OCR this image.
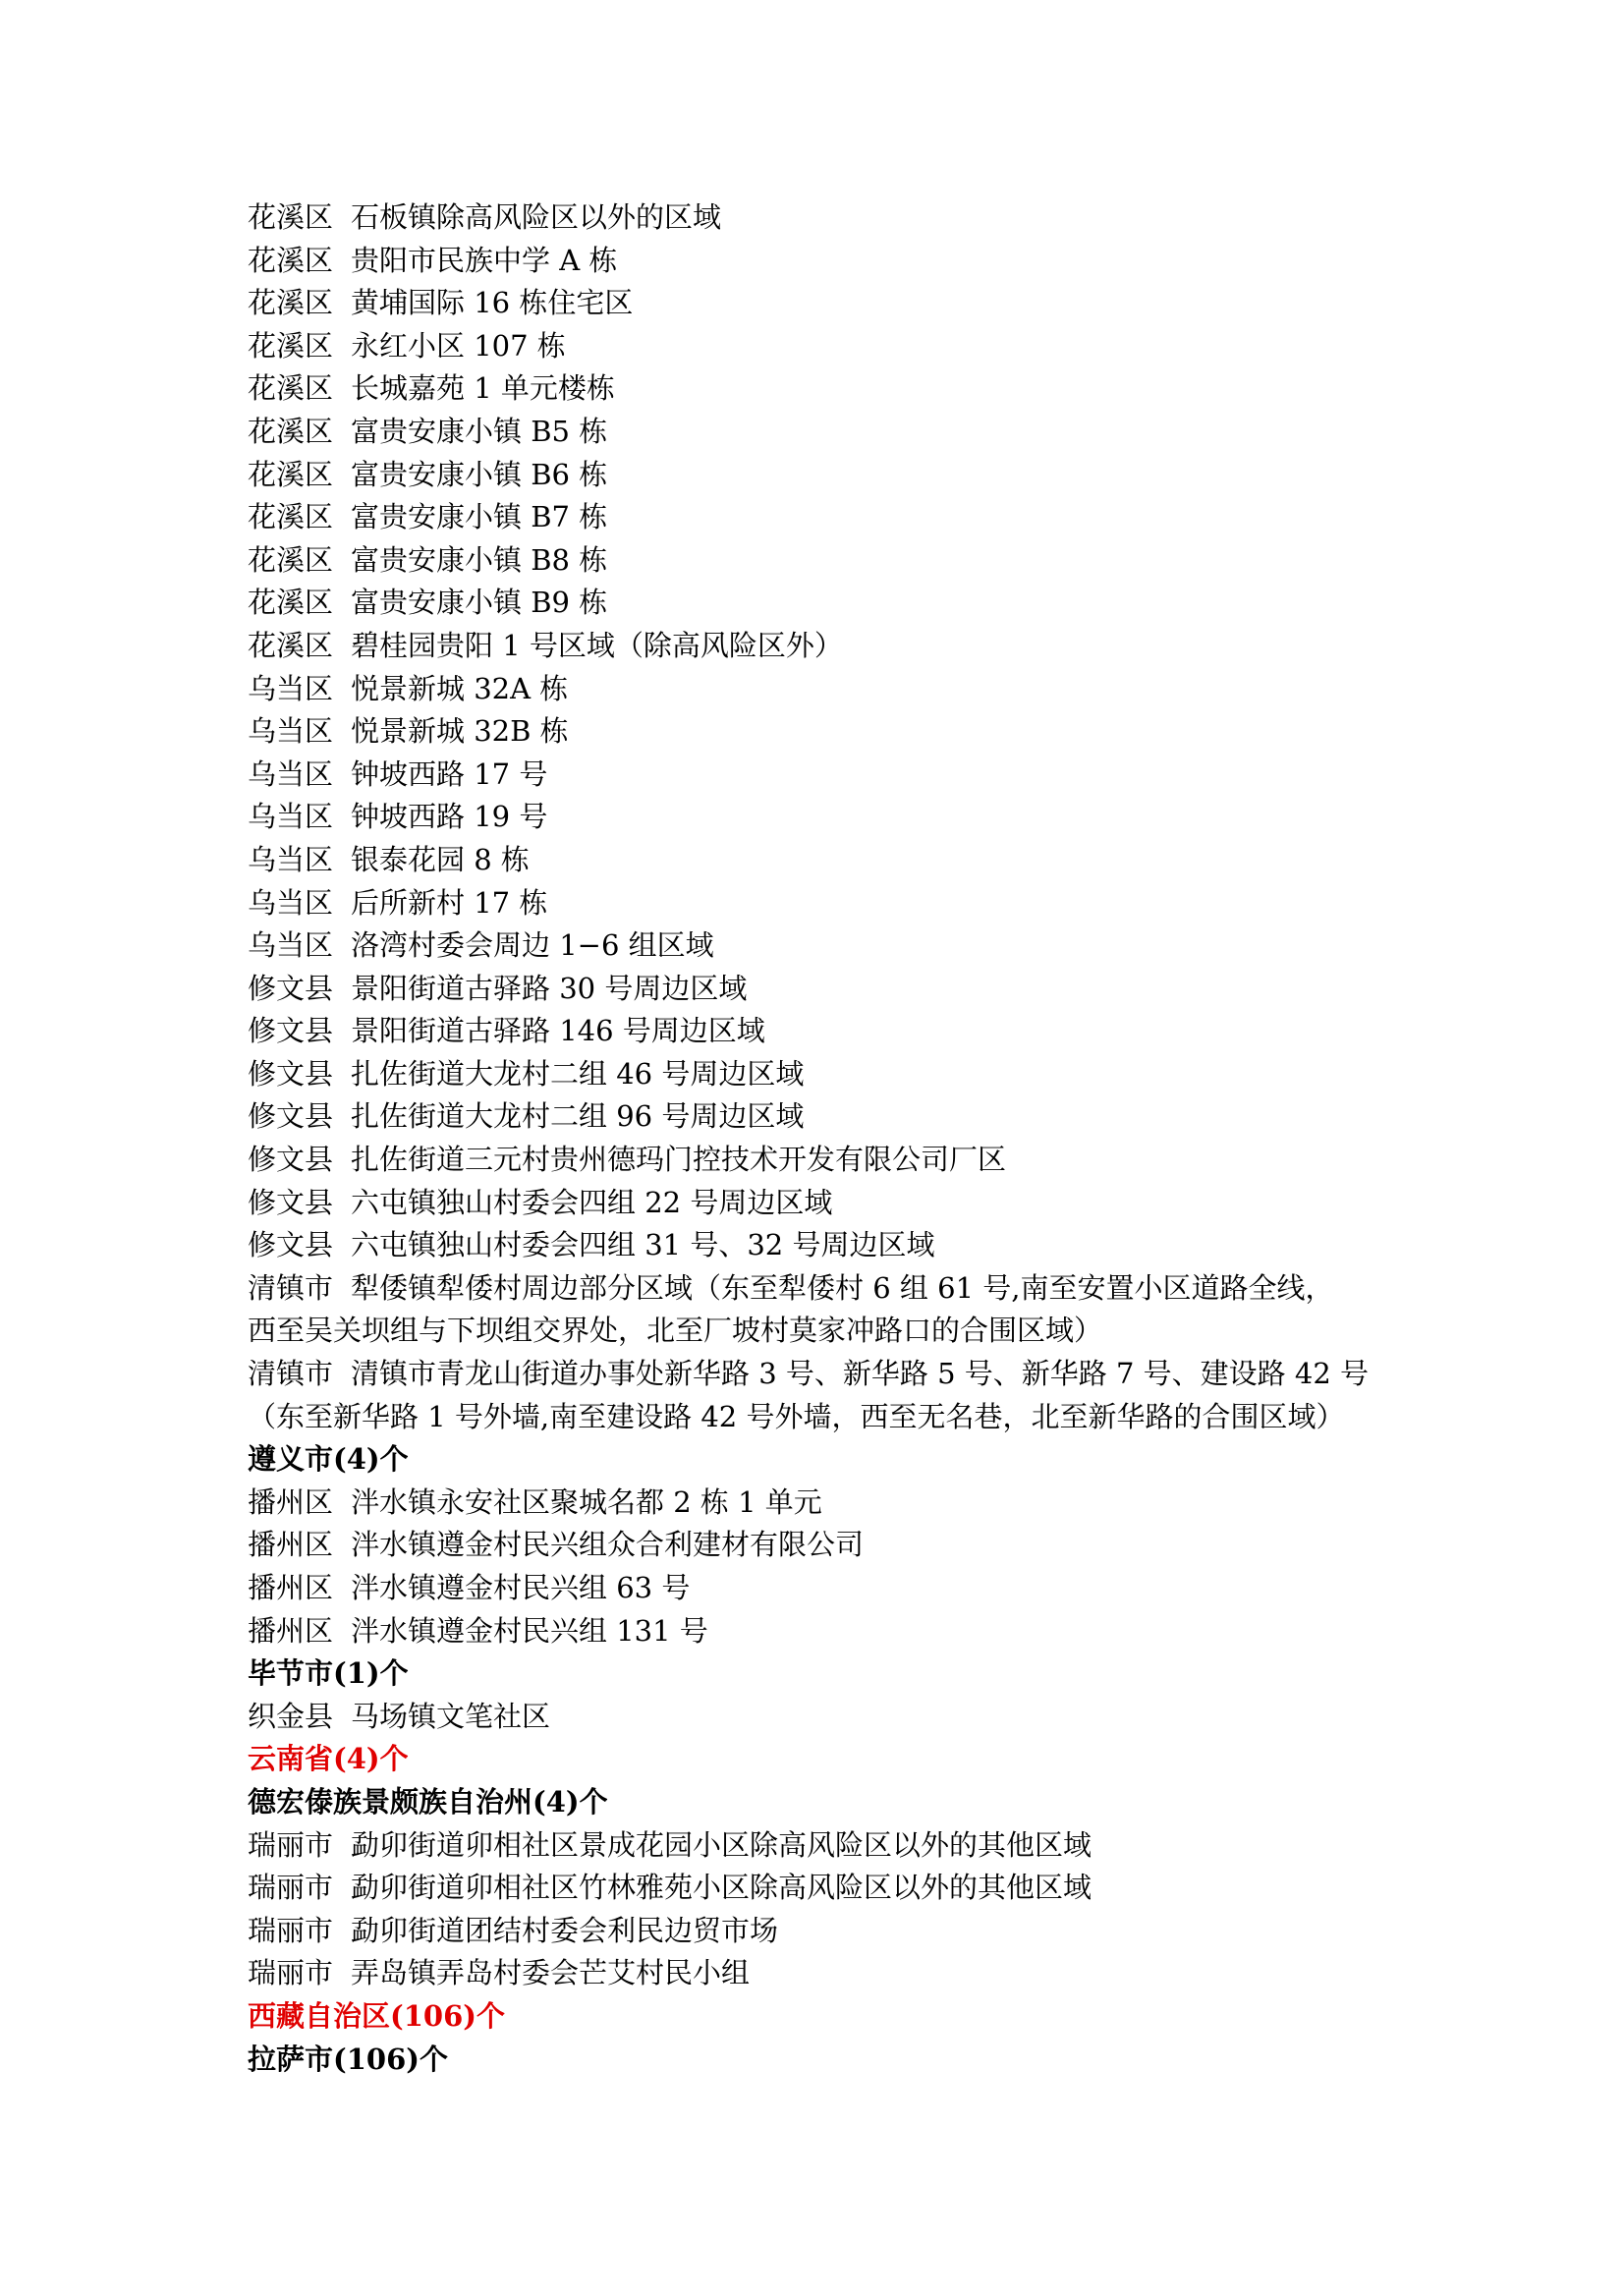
花溪区 石板镇除高风险区以外的区域
花溪区 贵阳市民族中学 A 栋
花溪区 黄埔国际 16 栋住宅区
花溪区 永红小区 107 栋
花溪区 长城嘉苑 1 单元楼栋
花溪区 富贵安康小镇 B5 栋
花溪区 富贵安康小镇 B6 栋
花溪区 富贵安康小镇 B7 栋
花溪区 富贵安康小镇 B8 栋
花溪区 富贵安康小镇 B9 栋
花溪区 碧桂园贵阳 1 号区域（除高风险区外）
乌当区 悦景新城 32A 栋
乌当区 悦景新城 32B 栋
乌当区 钟坡西路 17 号
乌当区 钟坡西路 19 号
乌当区 银泰花园 8 栋
乌当区 后所新村 17 栋
乌当区 洛湾村委会周边 1−6 组区域
修文县 景阳街道古驿路 30 号周边区域
修文县 景阳街道古驿路 146 号周边区域
修文县 扎佐街道大龙村二组 46 号周边区域
修文县 扎佐街道大龙村二组 96 号周边区域
修文县 扎佐街道三元村贵州德玛门控技术开发有限公司厂区
修文县 六屯镇独山村委会四组 22 号周边区域
修文县 六屯镇独山村委会四组 31 号、32 号周边区域
清镇市 犁倭镇犁倭村周边部分区域（东至犁倭村 6 组 61 号,南至安置小区道路全线，
西至吴关坝组与下坝组交界处，北至厂坡村莫家冲路口的合围区域）
清镇市 清镇市青龙山街道办事处新华路 3 号、新华路 5 号、新华路 7 号、建设路 42 号
（东至新华路 1 号外墙,南至建设路 42 号外墙，西至无名巷，北至新华路的合围区域）
遵义市(4)个
播州区 泮水镇永安社区聚城名都 2 栋 1 单元
播州区 泮水镇遵金村民兴组众合利建材有限公司
播州区 泮水镇遵金村民兴组 63 号
播州区 泮水镇遵金村民兴组 131 号
毕节市(1)个
织金县 马场镇文笔社区
云南省(4)个
德宏傣族景颇族自治州(4)个
瑞丽市 勐卯街道卯相社区景成花园小区除高风险区以外的其他区域
瑞丽市 勐卯街道卯相社区竹林雅苑小区除高风险区以外的其他区域
瑞丽市 勐卯街道团结村委会利民边贸市场
瑞丽市 弄岛镇弄岛村委会芒艾村民小组
西藏自治区(106)个
拉萨市(106)个
